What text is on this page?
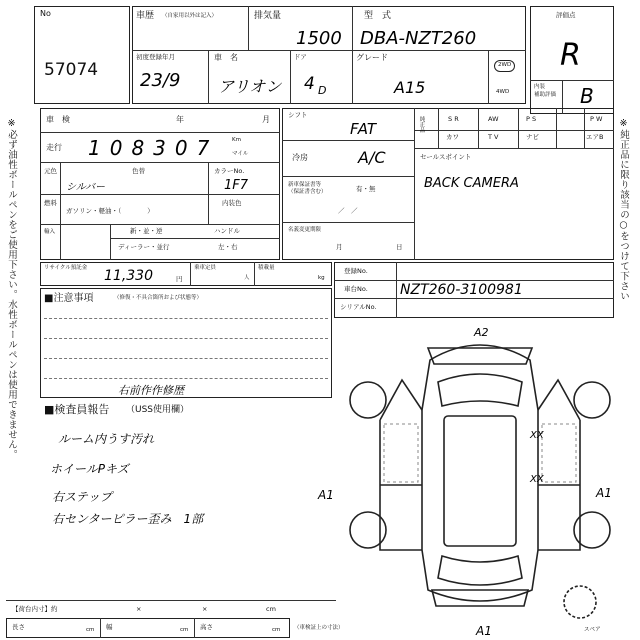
※必ず油性ボールペンをご使用下さい。水性ボールペンは使用できません。	※純正品に限り該当の○をつけて下さい
No
57074
車歴 （自家用以外は記入）	排気量
1500
型　式
DBA-NZT260
初度登録年月
23/9
車　名
アリオン
ドア
4 D
グレード
A15
2WD
4WD
評価点
R
内装
補助評価 B
車　検	年	月
走行 108307 Km
マイル
元色	色替
シルバー
カラーNo.
1F7
燃料
ガソリン・軽油・（　　　　）
内装色
輸入	新・並・逆	ハンドル
ディーラー・並行	左・右
リサイクル預託金 11,330	円
乗車定員
人
積載量
kg
純正品	S R	AW	P S	P W
カワ	T V	ナビ	エアB
シフト
FAT
冷房	A/C
新車保証書等
（保証書含む）	有・無
／　／
名義変更期限
月	日
セールスポイント
BACK CAMERA
登録No.
車台No. NZT260-3100981
シリアルNo.
■注意事項	（修復・不具合箇所および状態等）
右前作作修歴
■検査員報告 （USS使用欄）
ルーム内うす汚れ
ホイールPキズ
右ステップ
右センターピラー歪み　1部
A2
A1	A1
A1
XX
XX
スペア
【荷台内寸】約	×	×	cm
長さ	cm 幅	cm 高さ	cm （車検証上の寸法）
